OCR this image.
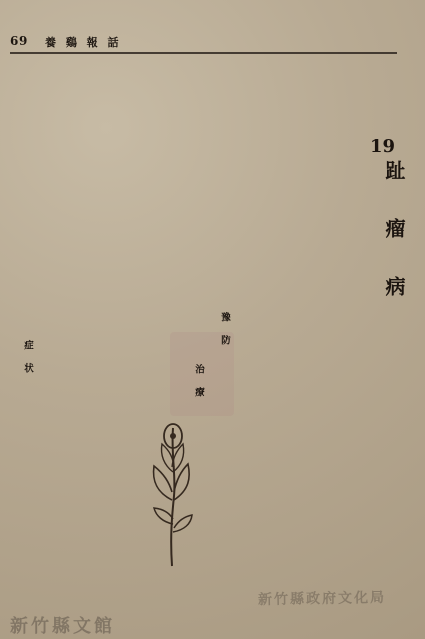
69 養 鷄 報 話
19
趾 瘤 病
症 状
豫 防
治 療
新竹縣政府文化局
新竹縣文館
